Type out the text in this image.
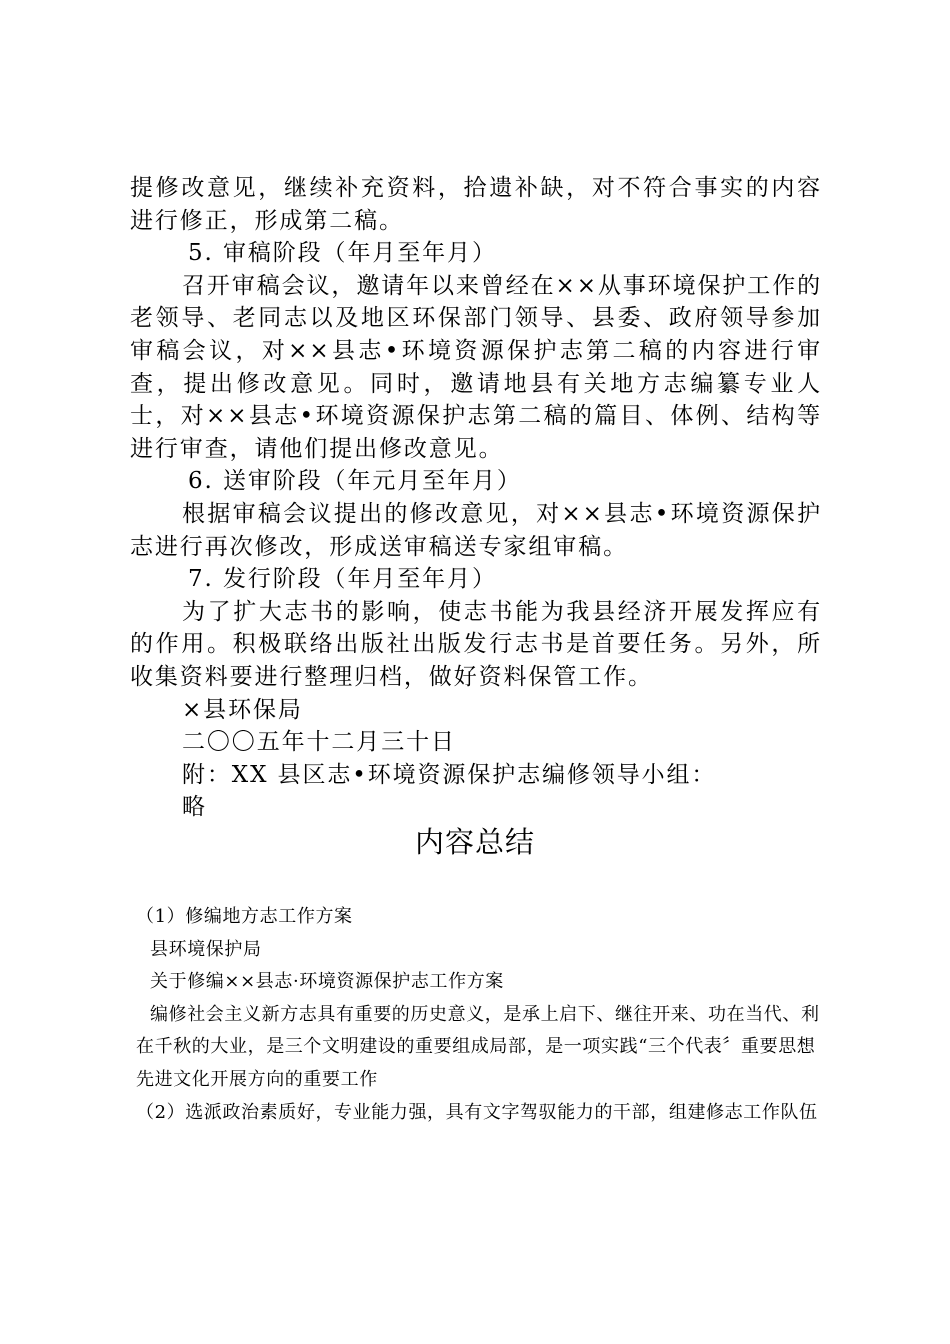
提修改意见，继续补充资料，拾遗补缺，对不符合事实的内容进行修正，形成第二稿。

5. 审稿阶段（年月至年月）

召开审稿会议，邀请年以来曾经在××从事环境保护工作的老领导、老同志以及地区环保部门领导、县委、政府领导参加审稿会议，对××县志•环境资源保护志第二稿的内容进行审查，提出修改意见。同时，邀请地县有关地方志编纂专业人士，对××县志•环境资源保护志第二稿的篇目、体例、结构等进行审查，请他们提出修改意见。

6. 送审阶段（年元月至年月）

根据审稿会议提出的修改意见，对××县志•环境资源保护志进行再次修改，形成送审稿送专家组审稿。

7. 发行阶段（年月至年月）

为了扩大志书的影响，使志书能为我县经济开展发挥应有的作用。积极联络出版社出版发行志书是首要任务。另外，所收集资料要进行整理归档，做好资料保管工作。

×县环保局

二〇〇五年十二月三十日

附：XX 县区志•环境资源保护志编修领导小组：

略

内容总结

（1）修编地方志工作方案

县环境保护局

关于修编××县志·环境资源保护志工作方案

编修社会主义新方志具有重要的历史意义，是承上启下、继往开来、功在当代、利在千秋的大业，是三个文明建设的重要组成局部，是一项实践“三个代表〞重要思想先进文化开展方向的重要工作

（2）选派政治素质好，专业能力强，具有文字驾驭能力的干部，组建修志工作队伍
